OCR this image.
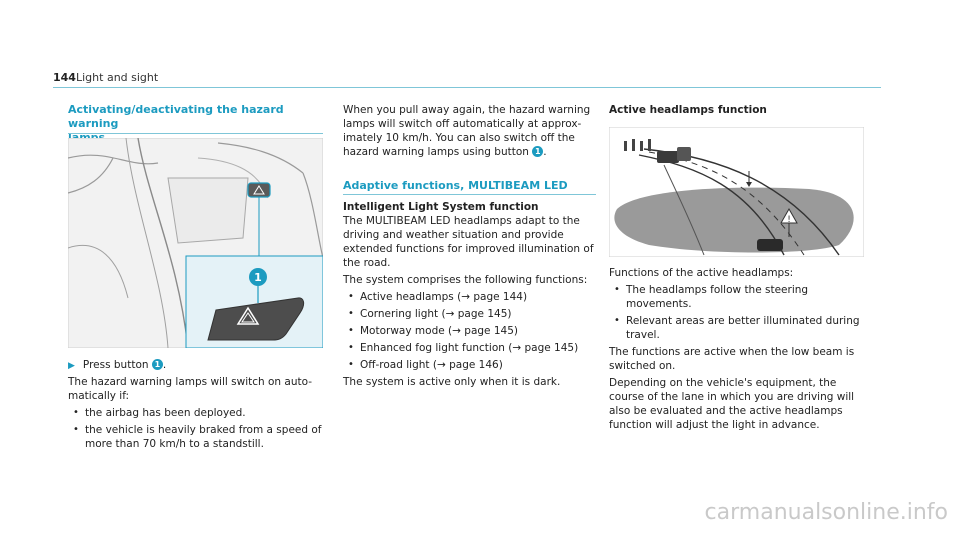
144 Light and sight
Activating/deactivating the hazard warning
1

▶ Press button 1 .

The hazard warning lamps will switch on auto-
matically if:
• the airbag has been deployed.
• the vehicle is heavily braked from a speed of more than 70 km/h to a standstill.
When you pull away again, the hazard warning
lamps will switch off automatically at approx-
imately 10 km/h. You can also switch off the
hazard warning lamps using button 1 .
Adaptive functions, MULTIBEAM LED
Intelligent Light System function

The MULTIBEAM LED headlamps adapt to the driving and weather situation and provide extended functions for improved illumination of the road.

The system comprises the following functions:

• Active headlamps (→ page 144)
• Cornering light (→ page 145)
• Motorway mode (→ page 145)
• Enhanced fog light function (→ page 145)
• Off-road light (→ page 146)

The system is active only when it is dark.

Active headlamps function
!

Functions of the active headlamps:

• The headlamps follow the steering movements.
• Relevant areas are better illuminated during travel.

The functions are active when the low beam is switched on.

Depending on the vehicle's equipment, the course of the lane in which you are driving will also be evaluated and the active headlamps function will adjust the light in advance.

carmanualsonline.info
